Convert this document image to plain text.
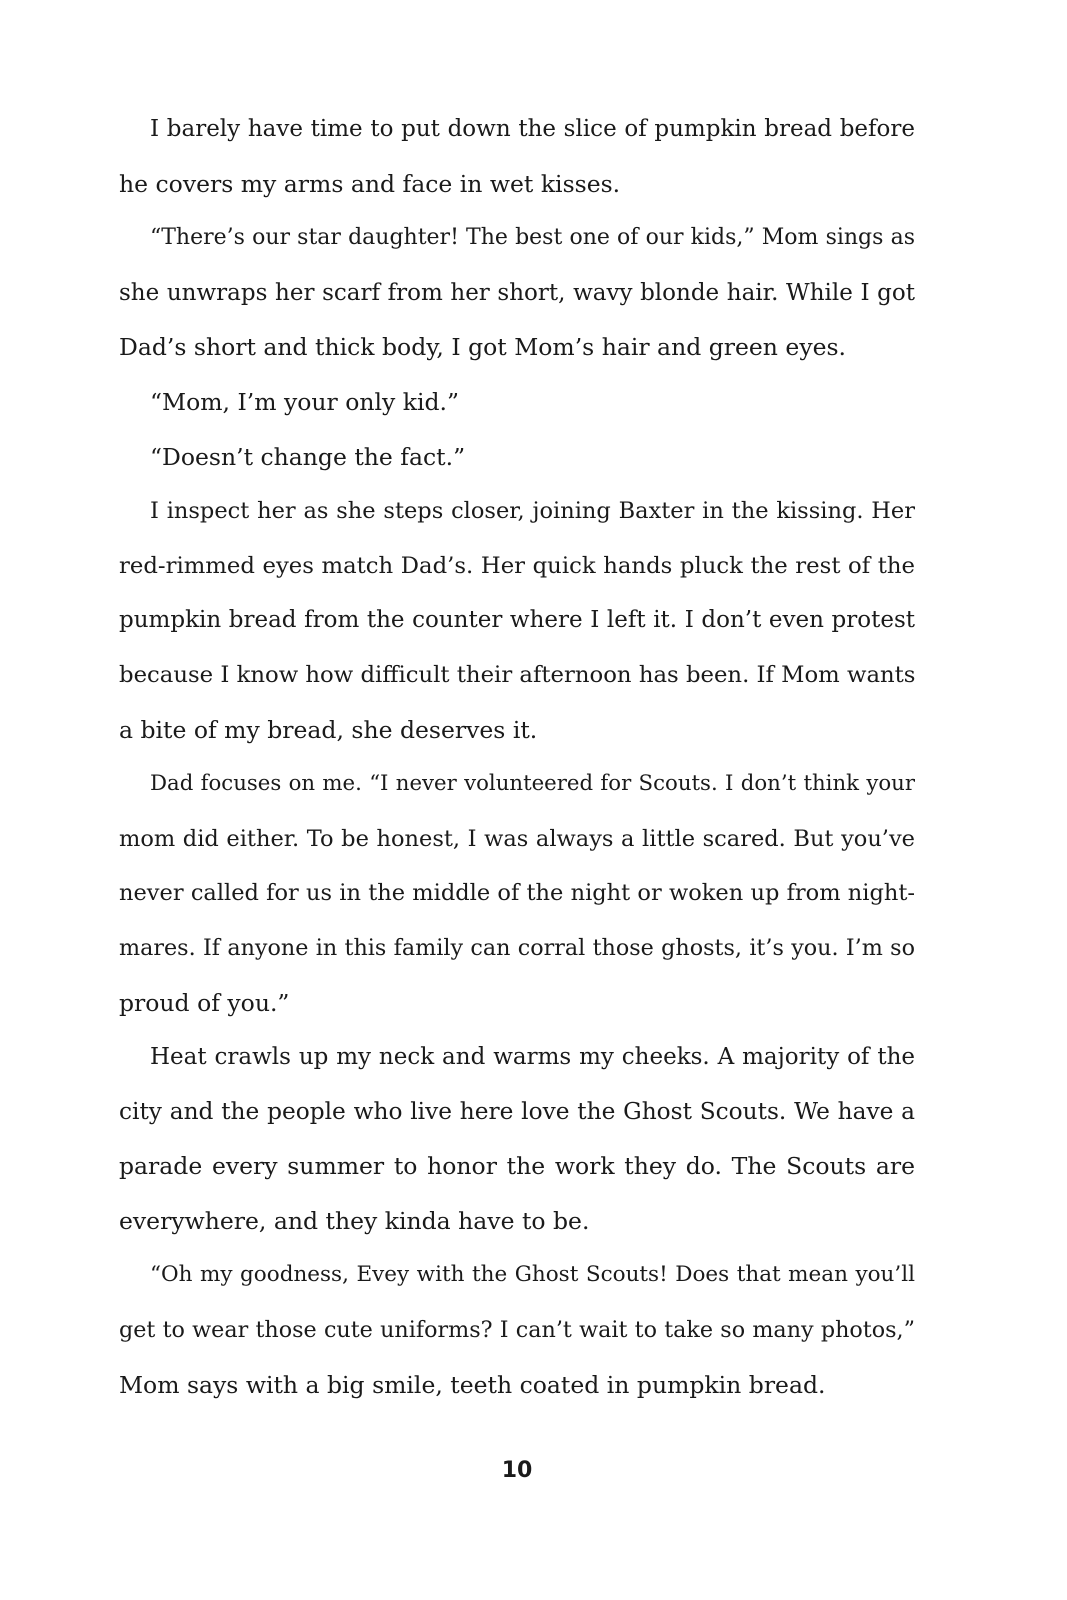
I barely have time to put down the slice of pumpkin bread before
he covers my arms and face in wet kisses.
“There’s our star daughter! The best one of our kids,” Mom sings as
she unwraps her scarf from her short, wavy blonde hair. While I got
Dad’s short and thick body, I got Mom’s hair and green eyes.
“Mom, I’m your only kid.”
“Doesn’t change the fact.”
I inspect her as she steps closer, joining Baxter in the kissing. Her
red-rimmed eyes match Dad’s. Her quick hands pluck the rest of the
pumpkin bread from the counter where I left it. I don’t even protest
because I know how difficult their afternoon has been. If Mom wants
a bite of my bread, she deserves it.
Dad focuses on me. “I never volunteered for Scouts. I don’t think your
mom did either. To be honest, I was always a little scared. But you’ve
never called for us in the middle of the night or woken up from night-
mares. If anyone in this family can corral those ghosts, it’s you. I’m so
proud of you.”
Heat crawls up my neck and warms my cheeks. A majority of the
city and the people who live here love the Ghost Scouts. We have a
parade every summer to honor the work they do. The Scouts are
everywhere, and they kinda have to be.
“Oh my goodness, Evey with the Ghost Scouts! Does that mean you’ll
get to wear those cute uniforms? I can’t wait to take so many photos,”
Mom says with a big smile, teeth coated in pumpkin bread.
10
